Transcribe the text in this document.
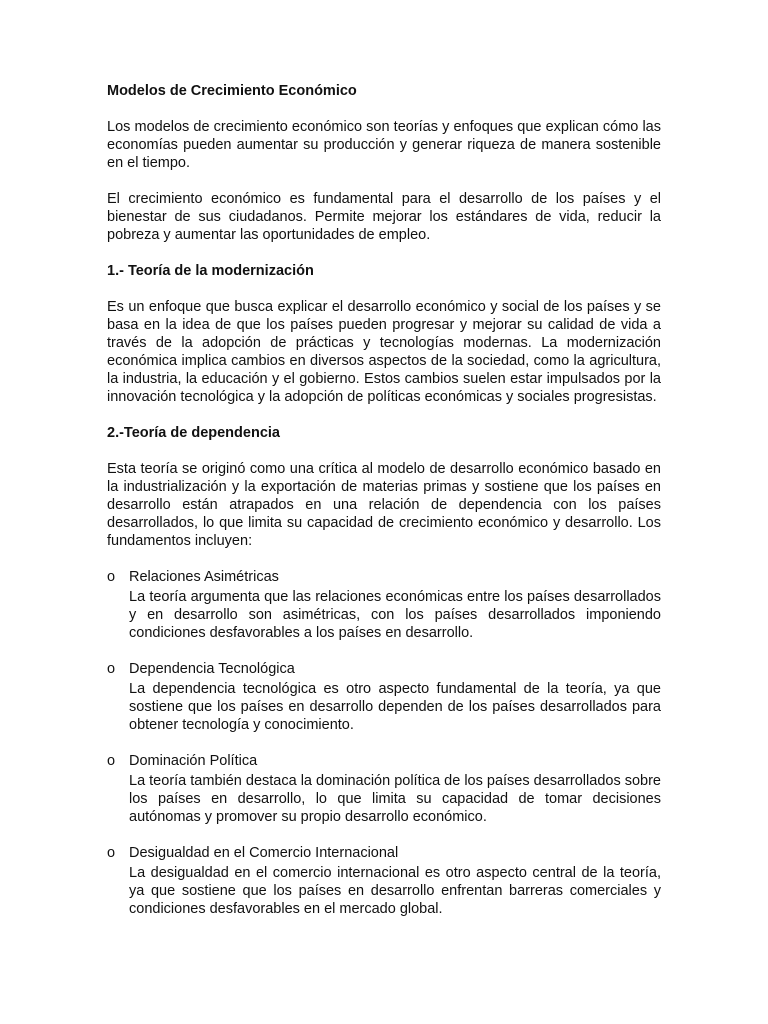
Modelos de Crecimiento Económico

Los modelos de crecimiento económico son teorías y enfoques que explican cómo las economías pueden aumentar su producción y generar riqueza de manera sostenible en el tiempo.

El crecimiento económico es fundamental para el desarrollo de los países y el bienestar de sus ciudadanos. Permite mejorar los estándares de vida, reducir la pobreza y aumentar las oportunidades de empleo.

1.- Teoría de la modernización

Es un enfoque que busca explicar el desarrollo económico y social de los países y se basa en la idea de que los países pueden progresar y mejorar su calidad de vida a través de la adopción de prácticas y tecnologías modernas. La modernización económica implica cambios en diversos aspectos de la sociedad, como la agricultura, la industria, la educación y el gobierno. Estos cambios suelen estar impulsados por la innovación tecnológica y la adopción de políticas económicas y sociales progresistas.

2.-Teoría de dependencia

Esta teoría se originó como una crítica al modelo de desarrollo económico basado en la industrialización y la exportación de materias primas y sostiene que los países en desarrollo están atrapados en una relación de dependencia con los países desarrollados, lo que limita su capacidad de crecimiento económico y desarrollo. Los fundamentos incluyen:

o Relaciones Asimétricas
La teoría argumenta que las relaciones económicas entre los países desarrollados y en desarrollo son asimétricas, con los países desarrollados imponiendo condiciones desfavorables a los países en desarrollo.
o Dependencia Tecnológica
La dependencia tecnológica es otro aspecto fundamental de la teoría, ya que sostiene que los países en desarrollo dependen de los países desarrollados para obtener tecnología y conocimiento.
o Dominación Política
La teoría también destaca la dominación política de los países desarrollados sobre los países en desarrollo, lo que limita su capacidad de tomar decisiones autónomas y promover su propio desarrollo económico.
o Desigualdad en el Comercio Internacional
La desigualdad en el comercio internacional es otro aspecto central de la teoría, ya que sostiene que los países en desarrollo enfrentan barreras comerciales y condiciones desfavorables en el mercado global.
